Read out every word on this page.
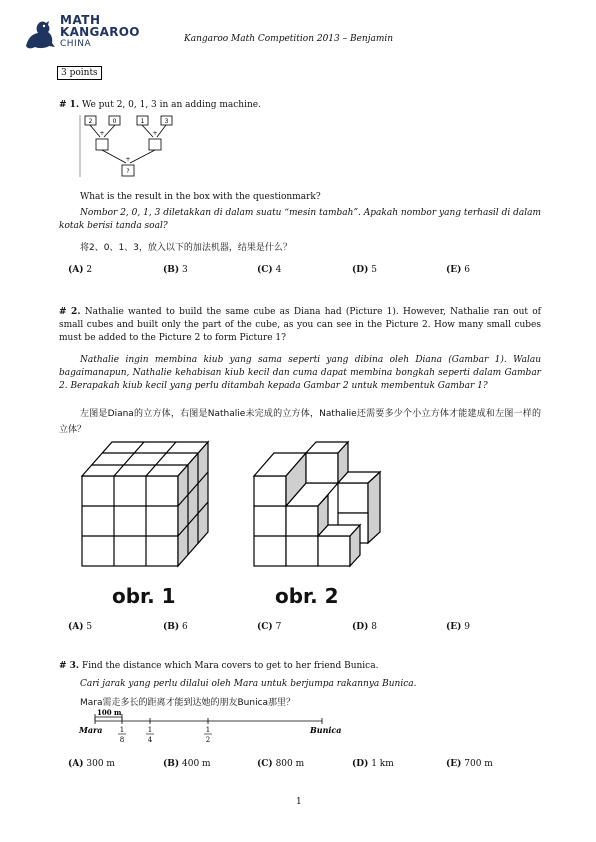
MATH
KANGAROO
CHINA	Kangaroo Math Competition 2013 – Benjamin
3 points
# 1. We put 2, 0, 1, 3 in an adding machine.
2	0	1	3
+	+
+
?
What is the result in the box with the questionmark?
Nombor 2, 0, 1, 3 diletakkan di dalam suatu “mesin tambah”. Apakah nombor yang terhasil di dalam kotak berisi tanda soal?
将2、0、1、3，放入以下的加法机器，结果是什么？
(A) 2	(B) 3	(C) 4	(D) 5	(E) 6
# 2. Nathalie wanted to build the same cube as Diana had (Picture 1). However, Nathalie ran out of small cubes and built only the part of the cube, as you can see in the Picture 2. How many small cubes must be added to the Picture 2 to form Picture 1?
Nathalie ingin membina kiub yang sama seperti yang dibina oleh Diana (Gambar 1). Walau bagaimanapun, Nathalie kehabisan kiub kecil dan cuma dapat membina bongkah seperti dalam Gambar 2. Berapakah kiub kecil yang perlu ditambah kepada Gambar 2 untuk membentuk Gambar 1?
左图是Diana的立方体，右图是Nathalie未完成的立方体，Nathalie还需要多少个小立方体才能建成和左图一样的立体？
obr. 1	obr. 2
(A) 5	(B) 6	(C) 7	(D) 8	(E) 9
# 3. Find the distance which Mara covers to get to her friend Bunica.
Cari jarak yang perlu dilalui oleh Mara untuk berjumpa rakannya Bunica.
Mara需走多长的距离才能到达她的朋友Bunica那里？
100 m
Mara	Bunica
1
8
1
4
1
2
(A) 300 m	(B) 400 m	(C) 800 m	(D) 1 km	(E) 700 m
1
